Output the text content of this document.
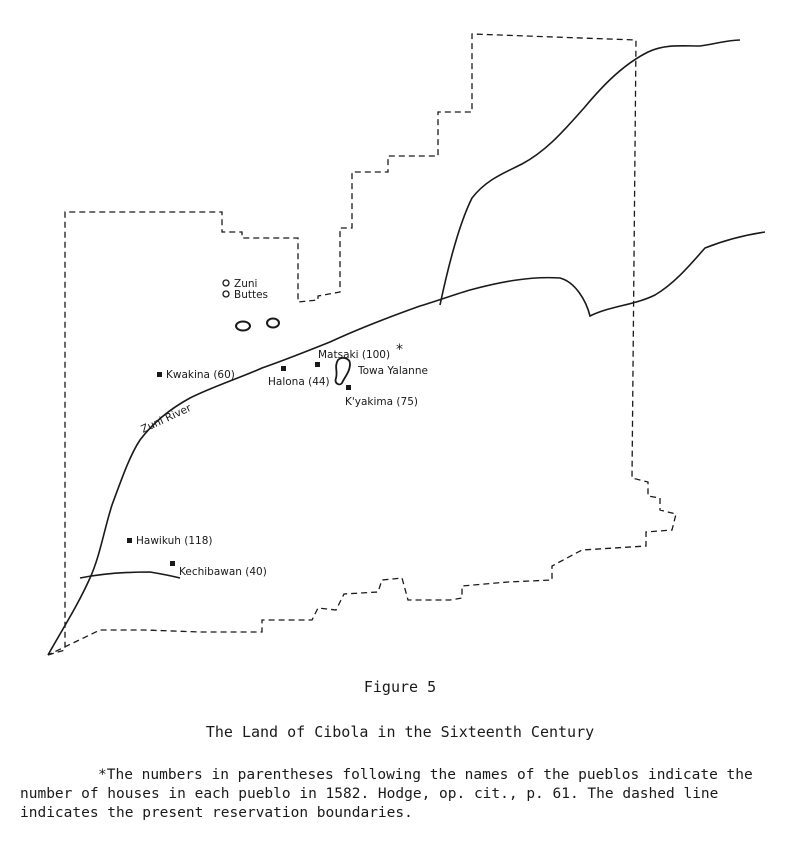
Zuni
Buttes
Matsaki (100) *
Towa Yalanne
K'yakima (75)
Halona (44)
Kwakina (60)
Hawikuh (118)
Kechibawan (40)
Zuni River
Figure 5
The Land of Cibola in the Sixteenth Century

*The numbers in parentheses following the names of the pueblos indicate the number of houses in each pueblo in 1582. Hodge, op. cit., p. 61. The dashed line indicates the present reservation boundaries.
